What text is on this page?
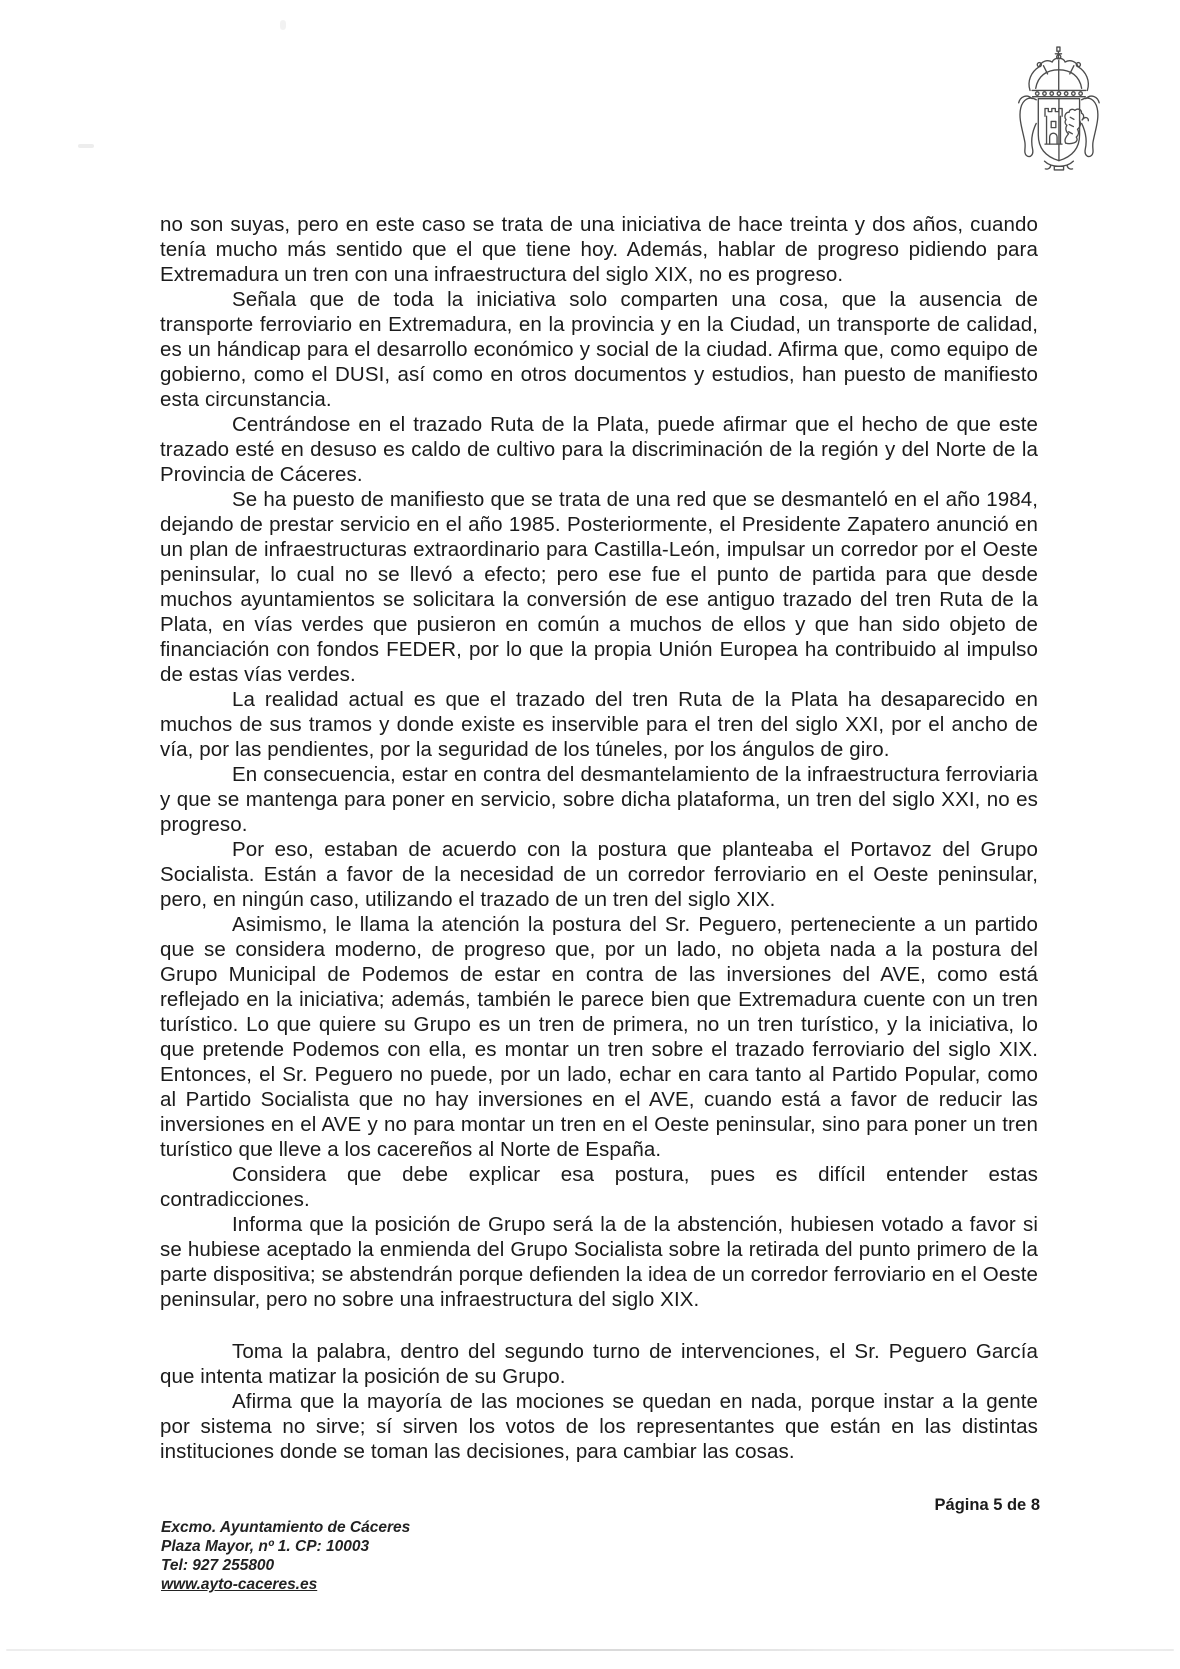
no son suyas, pero en este caso se trata de una iniciativa de hace treinta y dos años, cuando tenía mucho más sentido que el que tiene hoy. Además, hablar de progreso pidiendo para Extremadura un tren con una infraestructura del siglo XIX, no es progreso.

Señala que de toda la iniciativa solo comparten una cosa, que la ausencia de transporte ferroviario en Extremadura, en la provincia y en la Ciudad, un transporte de calidad, es un hándicap para el desarrollo económico y social de la ciudad. Afirma que, como equipo de gobierno, como el DUSI, así como en otros documentos y estudios, han puesto de manifiesto esta circunstancia.

Centrándose en el trazado Ruta de la Plata, puede afirmar que el hecho de que este trazado esté en desuso es caldo de cultivo para la discriminación de la región y del Norte de la Provincia de Cáceres.

Se ha puesto de manifiesto que se trata de una red que se desmanteló en el año 1984, dejando de prestar servicio en el año 1985. Posteriormente, el Presidente Zapatero anunció en un plan de infraestructuras extraordinario para Castilla-León, impulsar un corredor por el Oeste peninsular, lo cual no se llevó a efecto; pero ese fue el punto de partida para que desde muchos ayuntamientos se solicitara la conversión de ese antiguo trazado del tren Ruta de la Plata, en vías verdes que pusieron en común a muchos de ellos y que han sido objeto de financiación con fondos FEDER, por lo que la propia Unión Europea ha contribuido al impulso de estas vías verdes.

La realidad actual es que el trazado del tren Ruta de la Plata ha desaparecido en muchos de sus tramos y donde existe es inservible para el tren del siglo XXI, por el ancho de vía, por las pendientes, por la seguridad de los túneles, por los ángulos de giro.

En consecuencia, estar en contra del desmantelamiento de la infraestructura ferroviaria y que se mantenga para poner en servicio, sobre dicha plataforma, un tren del siglo XXI, no es progreso.

Por eso, estaban de acuerdo con la postura que planteaba el Portavoz del Grupo Socialista. Están a favor de la necesidad de un corredor ferroviario en el Oeste peninsular, pero, en ningún caso, utilizando el trazado de un tren del siglo XIX.

Asimismo, le llama la atención la postura del Sr. Peguero, perteneciente a un partido que se considera moderno, de progreso que, por un lado, no objeta nada a la postura del Grupo Municipal de Podemos de estar en contra de las inversiones del AVE, como está reflejado en la iniciativa; además, también le parece bien que Extremadura cuente con un tren turístico. Lo que quiere su Grupo es un tren de primera, no un tren turístico, y la iniciativa, lo que pretende Podemos con ella, es montar un tren sobre el trazado ferroviario del siglo XIX. Entonces, el Sr. Peguero no puede, por un lado, echar en cara tanto al Partido Popular, como al Partido Socialista que no hay inversiones en el AVE, cuando está a favor de reducir las inversiones en el AVE y no para montar un tren en el Oeste peninsular, sino para poner un tren turístico que lleve a los cacereños al Norte de España.

Considera que debe explicar esa postura, pues es difícil entender estas contradicciones.

Informa que la posición de Grupo será la de la abstención, hubiesen votado a favor si se hubiese aceptado la enmienda del Grupo Socialista sobre la retirada del punto primero de la parte dispositiva; se abstendrán porque defienden la idea de un corredor ferroviario en el Oeste peninsular, pero no sobre una infraestructura del siglo XIX.

Toma la palabra, dentro del segundo turno de intervenciones, el Sr. Peguero García que intenta matizar la posición de su Grupo.

Afirma que la mayoría de las mociones se quedan en nada, porque instar a la gente por sistema no sirve; sí sirven los votos de los representantes que están en las distintas instituciones donde se toman las decisiones, para cambiar las cosas.

Página 5 de 8
Excmo. Ayuntamiento de Cáceres
Plaza Mayor, nº 1. CP: 10003
Tel: 927 255800
www.ayto-caceres.es
